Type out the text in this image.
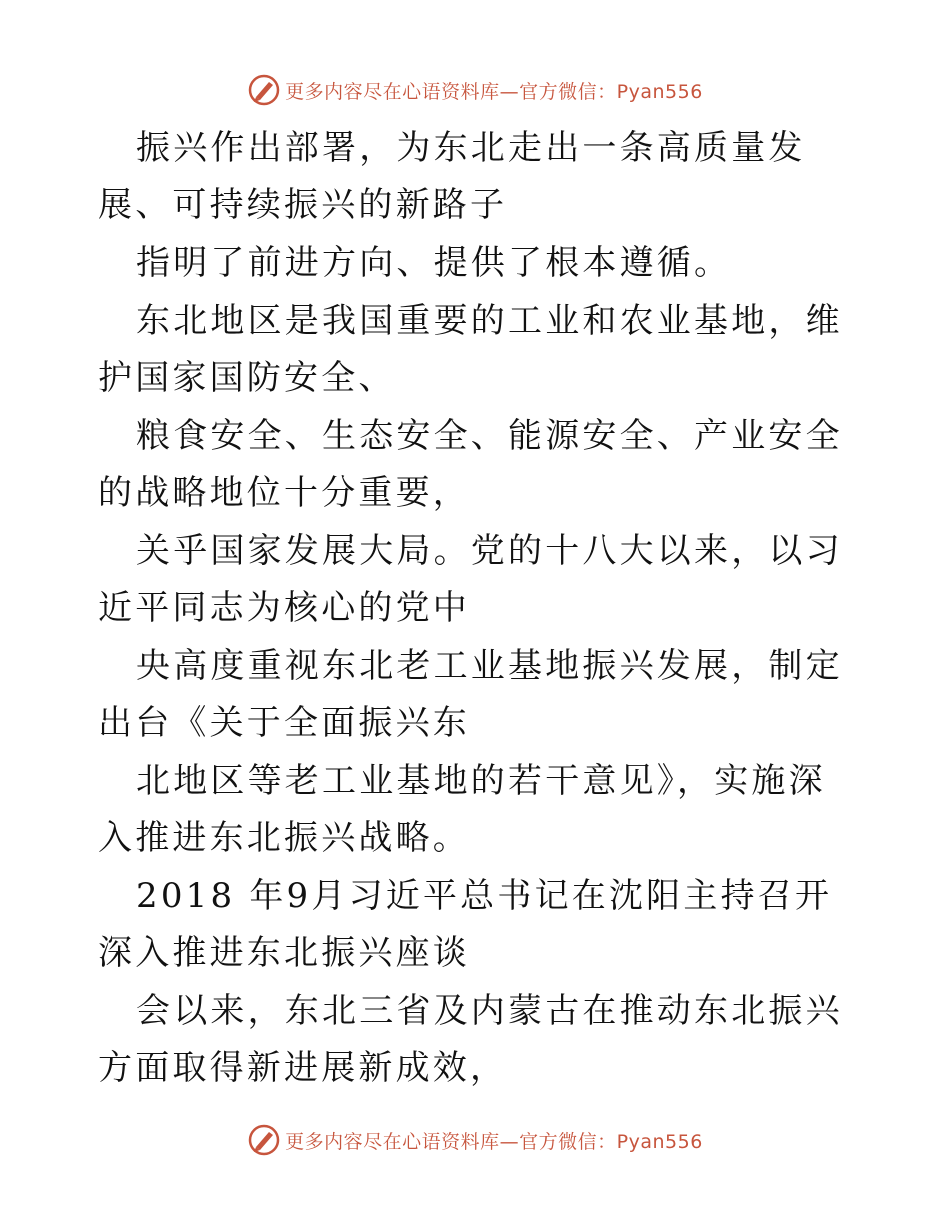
更多内容尽在心语资料库—官方微信：Pyan556

振兴作出部署，为东北走出一条高质量发展、可持续振兴的新路子

指明了前进方向、提供了根本遵循。

东北地区是我国重要的工业和农业基地，维护国家国防安全、

粮食安全、生态安全、能源安全、产业安全的战略地位十分重要，

关乎国家发展大局。党的十八大以来，以习近平同志为核心的党中

央高度重视东北老工业基地振兴发展，制定出台《关于全面振兴东

北地区等老工业基地的若干意见》，实施深入推进东北振兴战略。

2018 年9月习近平总书记在沈阳主持召开深入推进东北振兴座谈

会以来，东北三省及内蒙古在推动东北振兴方面取得新进展新成效，

更多内容尽在心语资料库—官方微信：Pyan556
